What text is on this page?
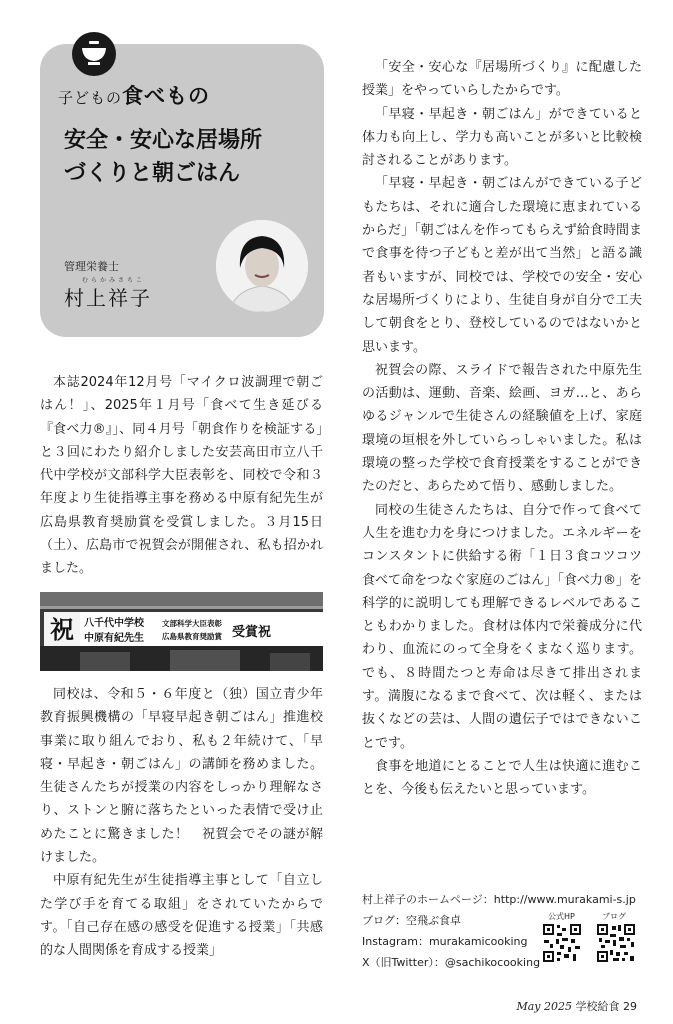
子どもの食べもの
安全・安心な居場所
づくりと朝ごはん
管理栄養士
むらかみさちこ
村上祥子

本誌2024年12月号「マイクロ波調理で朝ごはん！」、2025年１月号「食べて生き延びる『食べ力®』」、同４月号「朝食作りを検証する」と３回にわたり紹介しました安芸高田市立八千代中学校が文部科学大臣表彰を、同校で令和３年度より生徒指導主事を務める中原有紀先生が広島県教育奨励賞を受賞しました。３月15日（土）、広島市で祝賀会が開催され、私も招かれました。

祝 八千代中学校
中原有紀先生
文部科学大臣表彰
広島県教育奨励賞 受賞祝

同校は、令和５・６年度と（独）国立青少年教育振興機構の「早寝早起き朝ごはん」推進校事業に取り組んでおり、私も２年続けて、「早寝・早起き・朝ごはん」の講師を務めました。生徒さんたちが授業の内容をしっかり理解なさり、ストンと腑に落ちたといった表情で受け止めたことに驚きました！　祝賀会でその謎が解けました。

中原有紀先生が生徒指導主事として「自立した学び手を育てる取組」をされていたからです。「自己存在感の感受を促進する授業」「共感的な人間関係を育成する授業」

「安全・安心な『居場所づくり』に配慮した授業」をやっていらしたからです。

「早寝・早起き・朝ごはん」ができていると体力も向上し、学力も高いことが多いと比較検討されることがあります。

「早寝・早起き・朝ごはんができている子どもたちは、それに適合した環境に恵まれているからだ」「朝ごはんを作ってもらえず給食時間まで食事を待つ子どもと差が出て当然」と語る識者もいますが、同校では、学校での安全・安心な居場所づくりにより、生徒自身が自分で工夫して朝食をとり、登校しているのではないかと思います。

祝賀会の際、スライドで報告された中原先生の活動は、運動、音楽、絵画、ヨガ…と、あらゆるジャンルで生徒さんの経験値を上げ、家庭環境の垣根を外していらっしゃいました。私は環境の整った学校で食育授業をすることができたのだと、あらためて悟り、感動しました。

同校の生徒さんたちは、自分で作って食べて人生を進む力を身につけました。エネルギーをコンスタントに供給する術「１日３食コツコツ食べて命をつなぐ家庭のごはん」「食べ力®」を科学的に説明しても理解できるレベルであることもわかりました。食材は体内で栄養成分に代わり、血流にのって全身をくまなく巡ります。でも、８時間たつと寿命は尽きて排出されます。満腹になるまで食べて、次は軽く、または抜くなどの芸は、人間の遺伝子ではできないことです。

食事を地道にとることで人生は快適に進むことを、今後も伝えたいと思っています。

村上祥子のホームページ：http://www.murakami-s.jp
ブログ：空飛ぶ食卓
Instagram：murakamicooking
X（旧Twitter）：@sachikocooking
公式HP	ブログ
May 2025 学校給食 29
